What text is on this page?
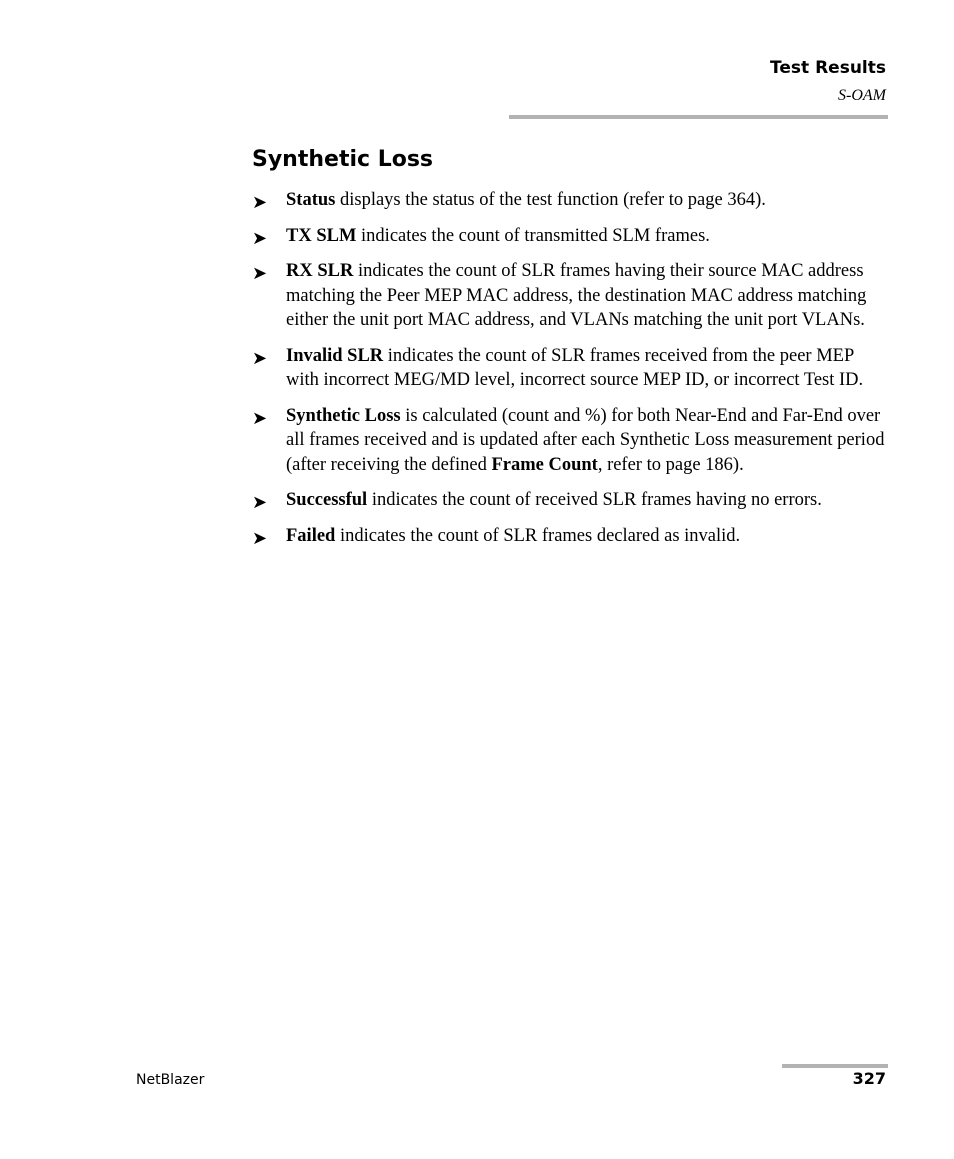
Test Results
S-OAM
Synthetic Loss
➤ Status displays the status of the test function (refer to page 364).
➤ TX SLM indicates the count of transmitted SLM frames.
➤ RX SLR indicates the count of SLR frames having their source MAC address matching the Peer MEP MAC address, the destination MAC address matching either the unit port MAC address, and VLANs matching the unit port VLANs.
➤ Invalid SLR indicates the count of SLR frames received from the peer MEP with incorrect MEG/MD level, incorrect source MEP ID, or incorrect Test ID.
➤ Synthetic Loss is calculated (count and %) for both Near-End and Far-End over all frames received and is updated after each Synthetic Loss measurement period (after receiving the defined Frame Count, refer to page 186).
➤ Successful indicates the count of received SLR frames having no errors.
➤ Failed indicates the count of SLR frames declared as invalid.
NetBlazer	327
